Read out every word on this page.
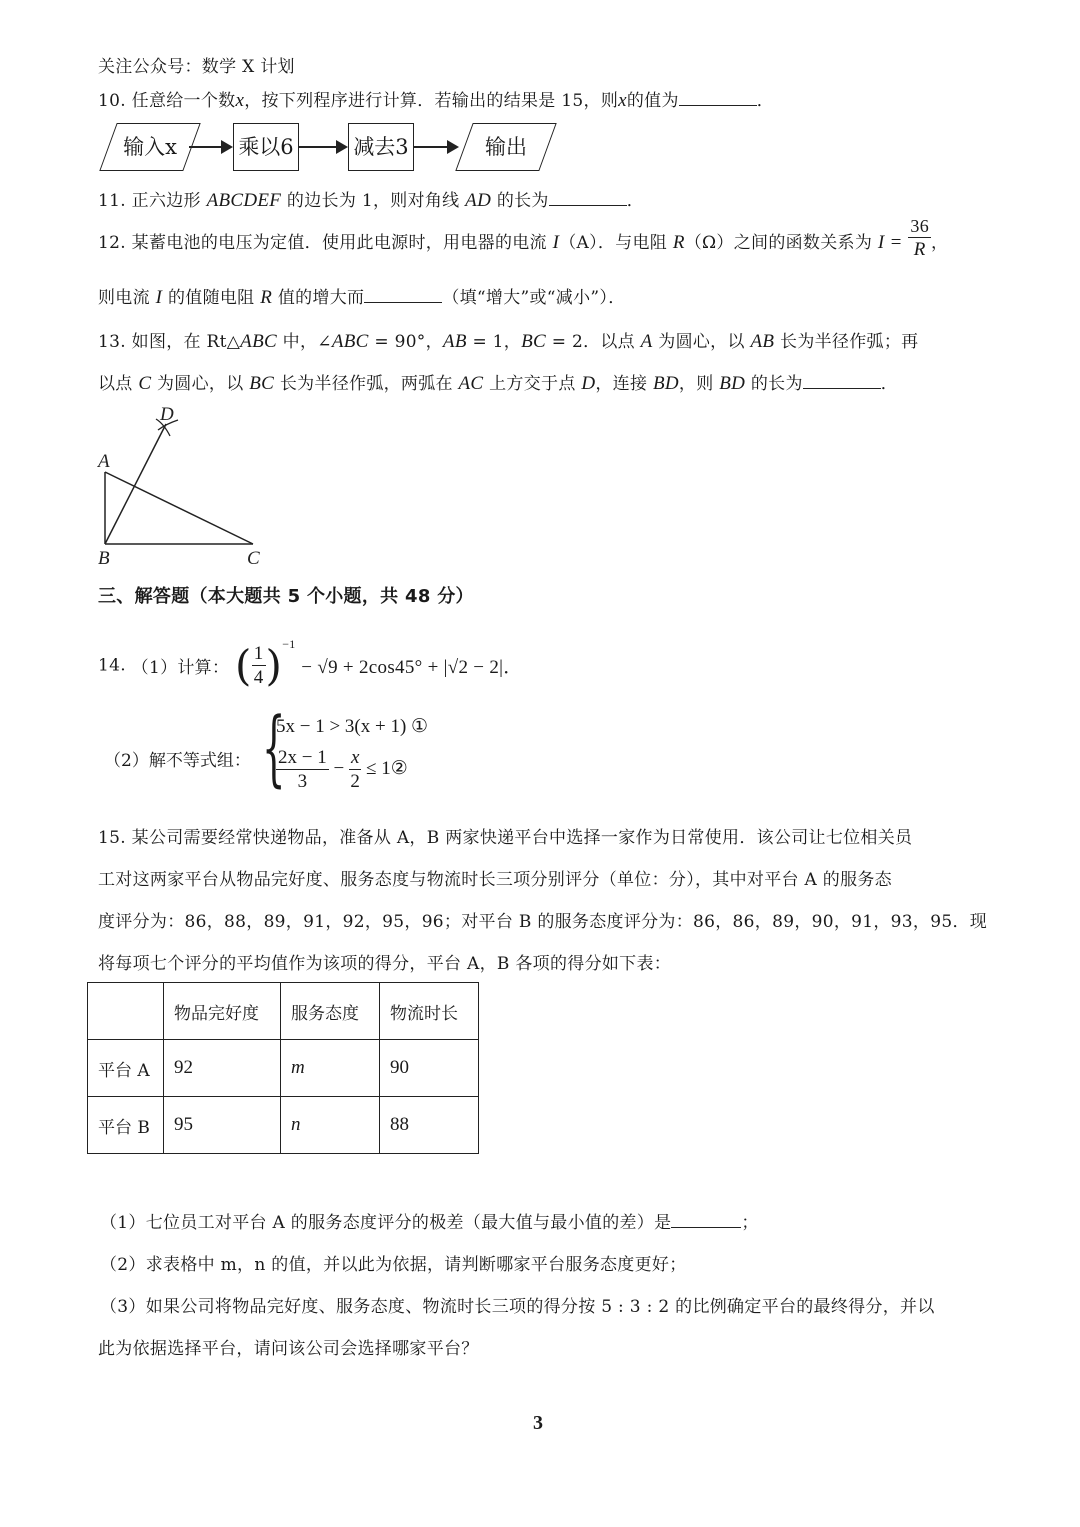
关注公众号：数学 X 计划
10. 任意给一个数x，按下列程序进行计算．若输出的结果是 15，则x的值为	．
输入x	乘以6	减去3	输出
11. 正六边形 ABCDEF 的边长为 1，则对角线 AD 的长为	．
12. 某蓄电池的电压为定值．使用此电源时，用电器的电流 I（A）．与电阻 R（Ω）之间的函数关系为 $I = \frac{36}{R}$ ，
则电流 I 的值随电阻 R 值的增大而	（填“增大”或“减小”）．
13. 如图，在 Rt△ABC 中，∠ABC = 90°，AB = 1，BC = 2．以点 A 为圆心，以 AB 长为半径作弧；再
以点 C 为圆心，以 BC 长为半径作弧，两弧在 AC 上方交于点 D，连接 BD，则 BD 的长为	．
D
A
B	C
三、解答题（本大题共 5 个小题，共 48 分）
14. （1）计算： ( $\frac{1}{4} )^{-1} - √9 + 2\cos 45^\circ + |√2 - 2|$．
（2）解不等式组： {
5x − 1 > 3(x + 1) ①
$\frac{2x - 1}{3} - \frac{x}{2}$ ≤ 1②
15. 某公司需要经常快递物品，准备从 A，B 两家快递平台中选择一家作为日常使用．该公司让七位相关员
工对这两家平台从物品完好度、服务态度与物流时长三项分别评分（单位：分），其中对平台 A 的服务态
度评分为：86，88，89，91，92，95，96；对平台 B 的服务态度评分为：86，86，89，90，91，93，95．现
将每项七个评分的平均值作为该项的得分，平台 A，B 各项的得分如下表：
	物品完好度	服务态度	物流时长
平台 A	92	m	90
平台 B	95	n	88
（1）七位员工对平台 A 的服务态度评分的极差（最大值与最小值的差）是	；
（2）求表格中 m，n 的值，并以此为依据，请判断哪家平台服务态度更好；
（3）如果公司将物品完好度、服务态度、物流时长三项的得分按 5 : 3 : 2 的比例确定平台的最终得分，并以
此为依据选择平台，请问该公司会选择哪家平台？
3
